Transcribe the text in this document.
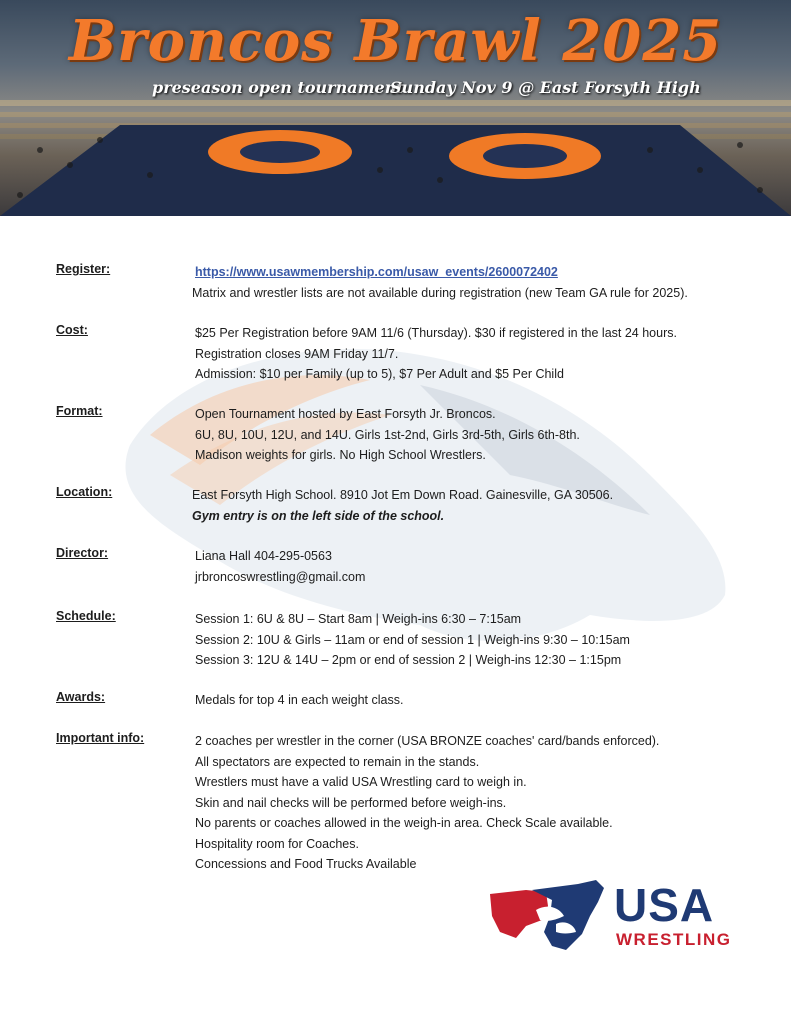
Broncos Brawl 2025
preseason open tournament
Sunday Nov 9 @ East Forsyth High
Register:	https://www.usawmembership.com/usaw_events/2600072402
Matrix and wrestler lists are not available during registration (new Team GA rule for 2025).
Cost:	$25 Per Registration before 9AM 11/6 (Thursday). $30 if registered in the last 24 hours.
Registration closes 9AM Friday 11/7.
Admission: $10 per Family (up to 5), $7 Per Adult and $5 Per Child
Format:	Open Tournament hosted by East Forsyth Jr. Broncos.
6U, 8U, 10U, 12U, and 14U. Girls 1st-2nd, Girls 3rd-5th, Girls 6th-8th.
Madison weights for girls. No High School Wrestlers.
Location:	East Forsyth High School. 8910 Jot Em Down Road. Gainesville, GA 30506.
Gym entry is on the left side of the school.
Director:	Liana Hall 404-295-0563
jrbroncoswrestling@gmail.com
Schedule:	Session 1: 6U & 8U – Start 8am | Weigh-ins 6:30 – 7:15am
Session 2: 10U & Girls – 11am or end of session 1 | Weigh-ins 9:30 – 10:15am
Session 3: 12U & 14U – 2pm or end of session 2 | Weigh-ins 12:30 – 1:15pm
Awards:	Medals for top 4 in each weight class.
Important info:	2 coaches per wrestler in the corner (USA BRONZE coaches' card/bands enforced).
All spectators are expected to remain in the stands.
Wrestlers must have a valid USA Wrestling card to weigh in.
Skin and nail checks will be performed before weigh-ins.
No parents or coaches allowed in the weigh-in area. Check Scale available.
Hospitality room for Coaches.
Concessions and Food Trucks Available
USA
WRESTLING
